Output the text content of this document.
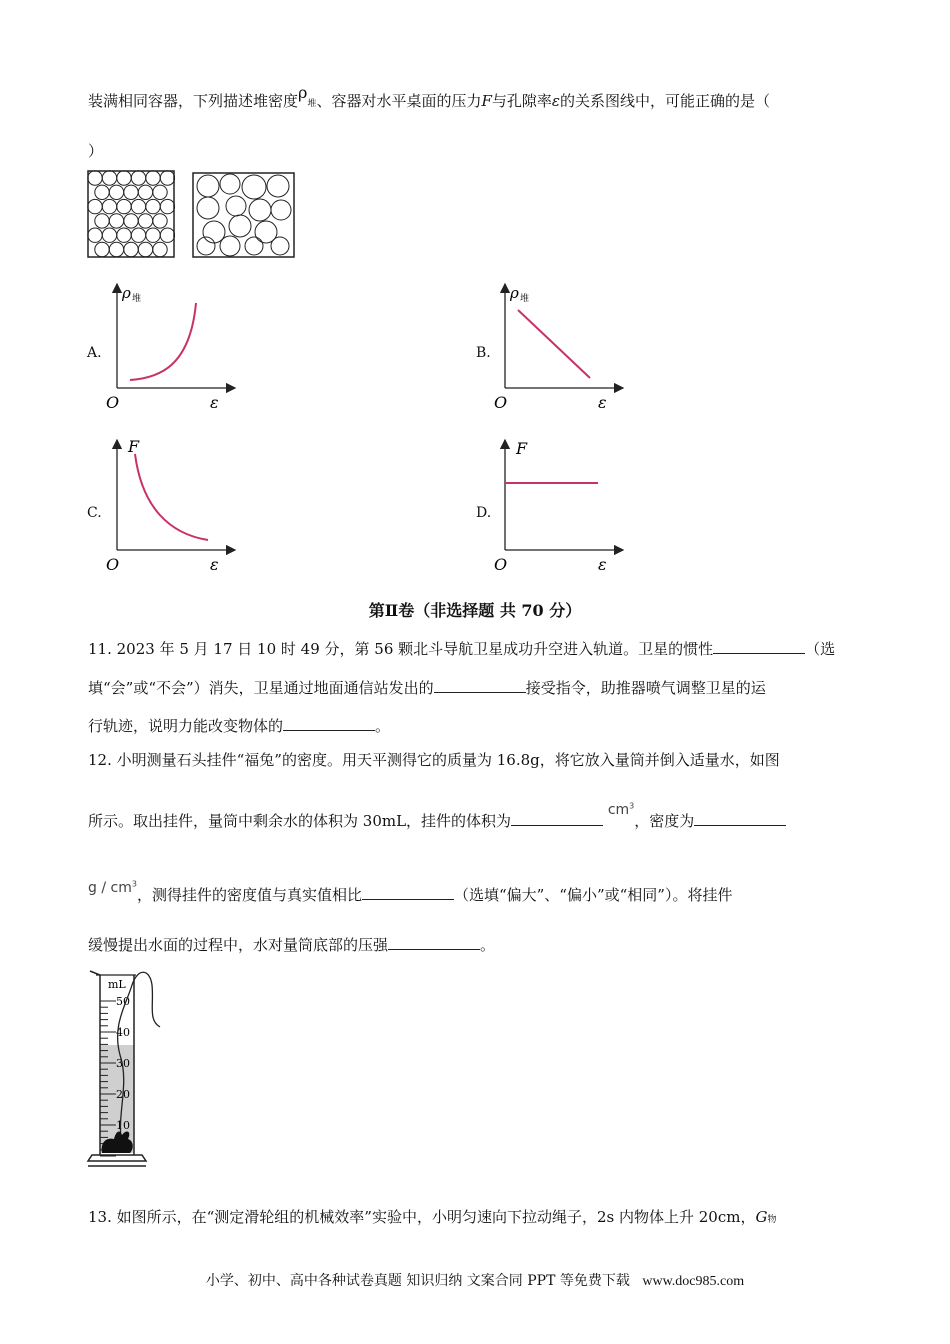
装满相同容器，下列描述堆密度ρ堆、容器对水平桌面的压力F与孔隙率ε的关系图线中，可能正确的是（
）
A.
ρ 堆
O	ε
B.
ρ 堆
O	ε
C.
F
O	ε
D.
F
O	ε
第Ⅱ卷（非选择题 共 70 分）
11. 2023 年 5 月 17 日 10 时 49 分，第 56 颗北斗导航卫星成功升空进入轨道。卫星的惯性	（选
填“会”或“不会”）消失，卫星通过地面通信站发出的	接受指令，助推器喷气调整卫星的运
行轨迹，说明力能改变物体的	。
12. 小明测量石头挂件“福兔”的密度。用天平测得它的质量为 16.8g，将它放入量筒并倒入适量水，如图
所示。取出挂件，量筒中剩余水的体积为 30mL，挂件的体积为 $cm^3$，密度为
g / $cm^3$，测得挂件的密度值与真实值相比	（选填“偏大”、“偏小”或“相同”）。将挂件
缓慢提出水面的过程中，水对量筒底部的压强	。
mL
50
40
30
20
10
13. 如图所示，在“测定滑轮组的机械效率”实验中，小明匀速向下拉动绳子，2s 内物体上升 20cm，G物
小学、初中、高中各种试卷真题 知识归纳 文案合同 PPT 等免费下载 www.doc985.com
